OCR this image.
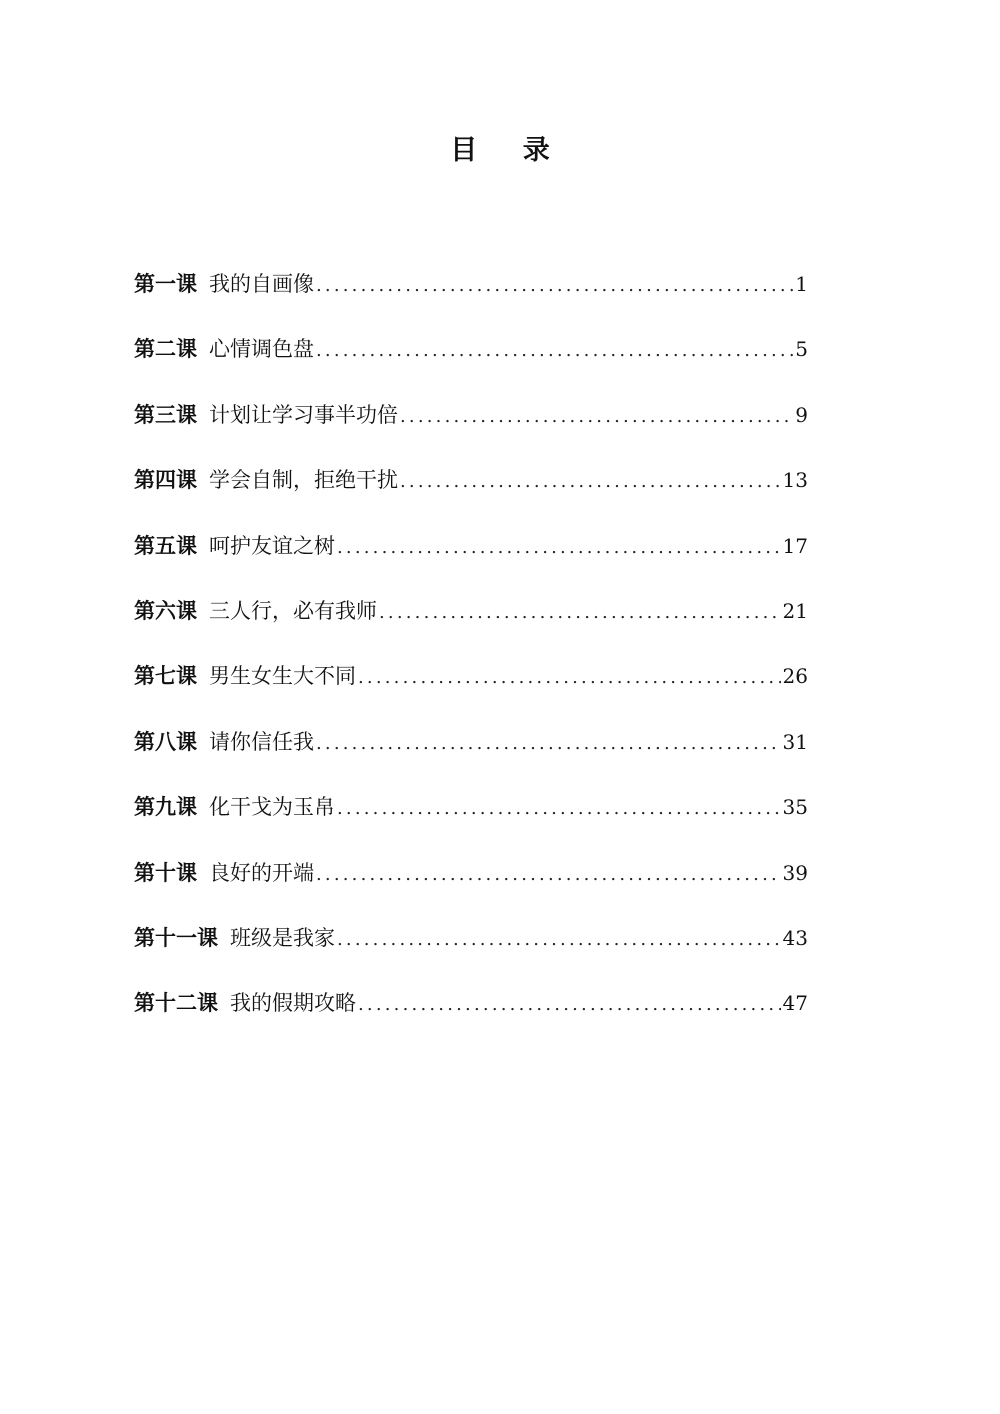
目 录
第一课 我的自画像 .....	1
第二课 心情调色盘 .....	5
第三课 计划让学习事半功倍 .....	9
第四课 学会自制，拒绝干扰 .....	13
第五课 呵护友谊之树 .....	17
第六课 三人行，必有我师 .....	21
第七课 男生女生大不同 .....	26
第八课 请你信任我 .....	31
第九课 化干戈为玉帛 .....	35
第十课 良好的开端 .....	39
第十一课 班级是我家 .....	43
第十二课 我的假期攻略 .....	47
